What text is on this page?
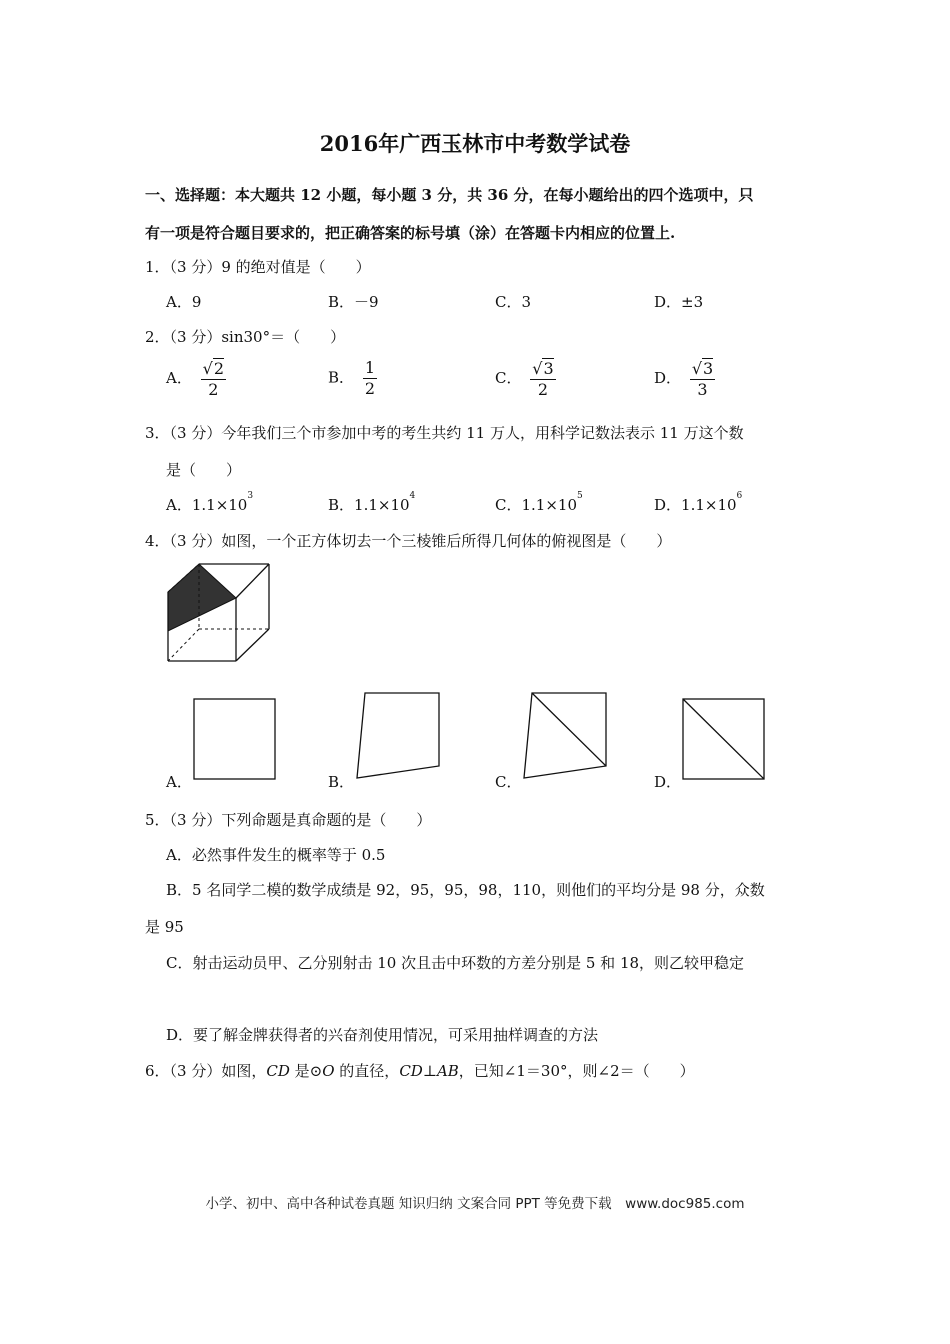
2016年广西玉林市中考数学试卷
一、选择题：本大题共 12 小题，每小题 3 分，共 36 分，在每小题给出的四个选项中，只
有一项是符合题目要求的，把正确答案的标号填（涂）在答题卡内相应的位置上.
1．（3 分）9 的绝对值是（　　）
A．9	B．－9	C．3	D．±3
2．（3 分）sin30°＝（　　）
A． $\frac{√2}{2}$	B． $\frac{1}{2}$	C． $\frac{√3}{2}$	D． $\frac{√3}{3}$
3．（3 分）今年我们三个市参加中考的考生共约 11 万人，用科学记数法表示 11 万这个数
是（　　）
A．$1.1\times 10^3$	B．$1.1\times 10^4$	C．$1.1\times 10^5$	D．$1.1\times 10^6$
4．（3 分）如图，一个正方体切去一个三棱锥后所得几何体的俯视图是（　　）
A．	B．	C．	D．
5．（3 分）下列命题是真命题的是（　　）
A．必然事件发生的概率等于 0.5
B．5 名同学二模的数学成绩是 92，95，95，98，110，则他们的平均分是 98 分，众数
是 95
C．射击运动员甲、乙分别射击 10 次且击中环数的方差分别是 5 和 18，则乙较甲稳定
D．要了解金牌获得者的兴奋剂使用情况，可采用抽样调查的方法
6．（3 分）如图，CD 是⊙O 的直径，CD⊥AB，已知∠1＝30°，则∠2＝（　　）
小学、初中、高中各种试卷真题 知识归纳 文案合同 PPT 等免费下载　www.doc985.com
